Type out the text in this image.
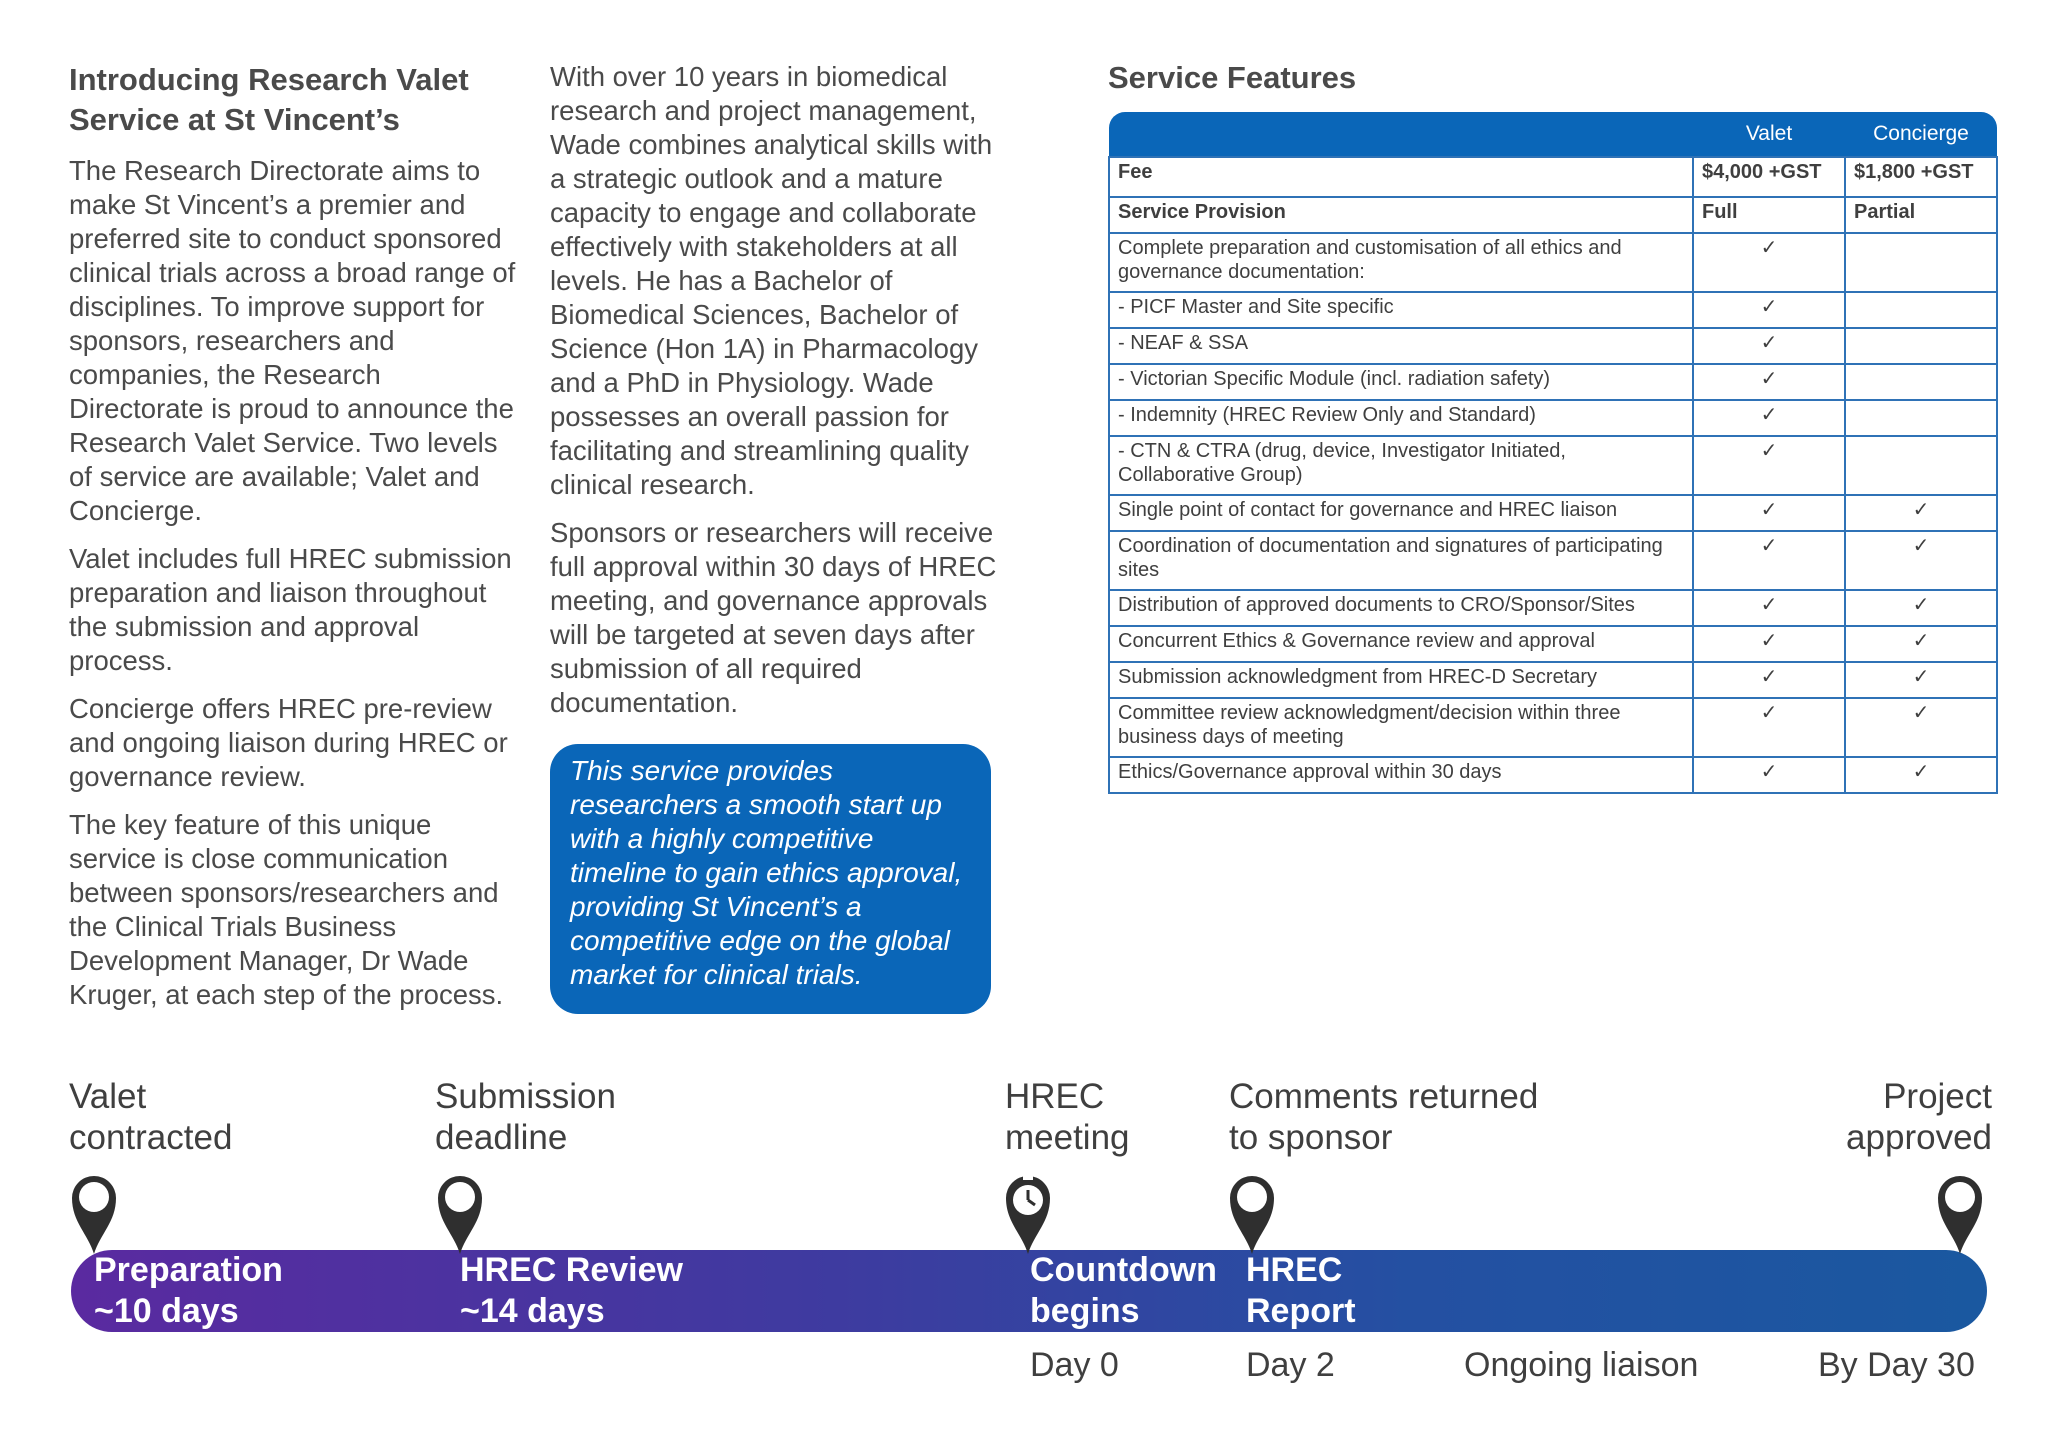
Introducing Research Valet Service at St Vincent’s

The Research Directorate aims to make St Vincent’s a premier and preferred site to conduct sponsored clinical trials across a broad range of disciplines. To improve support for sponsors, researchers and companies, the Research Directorate is proud to announce the Research Valet Service. Two levels of service are available; Valet and Concierge.

Valet includes full HREC submission preparation and liaison throughout the submission and approval process.

Concierge offers HREC pre-review and ongoing liaison during HREC or governance review.

The key feature of this unique service is close communication between sponsors/researchers and the Clinical Trials Business Development Manager, Dr Wade Kruger, at each step of the process.

With over 10 years in biomedical research and project management, Wade combines analytical skills with a strategic outlook and a mature capacity to engage and collaborate effectively with stakeholders at all levels. He has a Bachelor of Biomedical Sciences, Bachelor of Science (Hon 1A) in Pharmacology and a PhD in Physiology. Wade possesses an overall passion for facilitating and streamlining quality clinical research.

Sponsors or researchers will receive full approval within 30 days of HREC meeting, and governance approvals will be targeted at seven days after submission of all required documentation.

This service provides researchers a smooth start up with a highly competitive timeline to gain ethics approval, providing St Vincent’s a competitive edge on the global market for clinical trials.

Service Features
	Valet	Concierge
Fee	$4,000 +GST	$1,800 +GST
Service Provision	Full	Partial
Complete preparation and customisation of all ethics and governance documentation:	✓	
- PICF Master and Site specific	✓	
- NEAF & SSA	✓	
- Victorian Specific Module (incl. radiation safety)	✓	
- Indemnity (HREC Review Only and Standard)	✓	
- CTN & CTRA (drug, device, Investigator Initiated, Collaborative Group)	✓	
Single point of contact for governance and HREC liaison	✓	✓
Coordination of documentation and signatures of participating sites	✓	✓
Distribution of approved documents to CRO/Sponsor/Sites	✓	✓
Concurrent Ethics & Governance review and approval	✓	✓
Submission acknowledgment from HREC-D Secretary	✓	✓
Committee review acknowledgment/decision within three business days of meeting	✓	✓
Ethics/Governance approval within 30 days	✓	✓

Valet
contracted

Submission
deadline

HREC
meeting

Comments returned
to sponsor

Project
approved

Preparation
~10 days

HREC Review
~14 days

Countdown
begins

HREC
Report

Day 0	Day 2	Ongoing liaison	By Day 30
